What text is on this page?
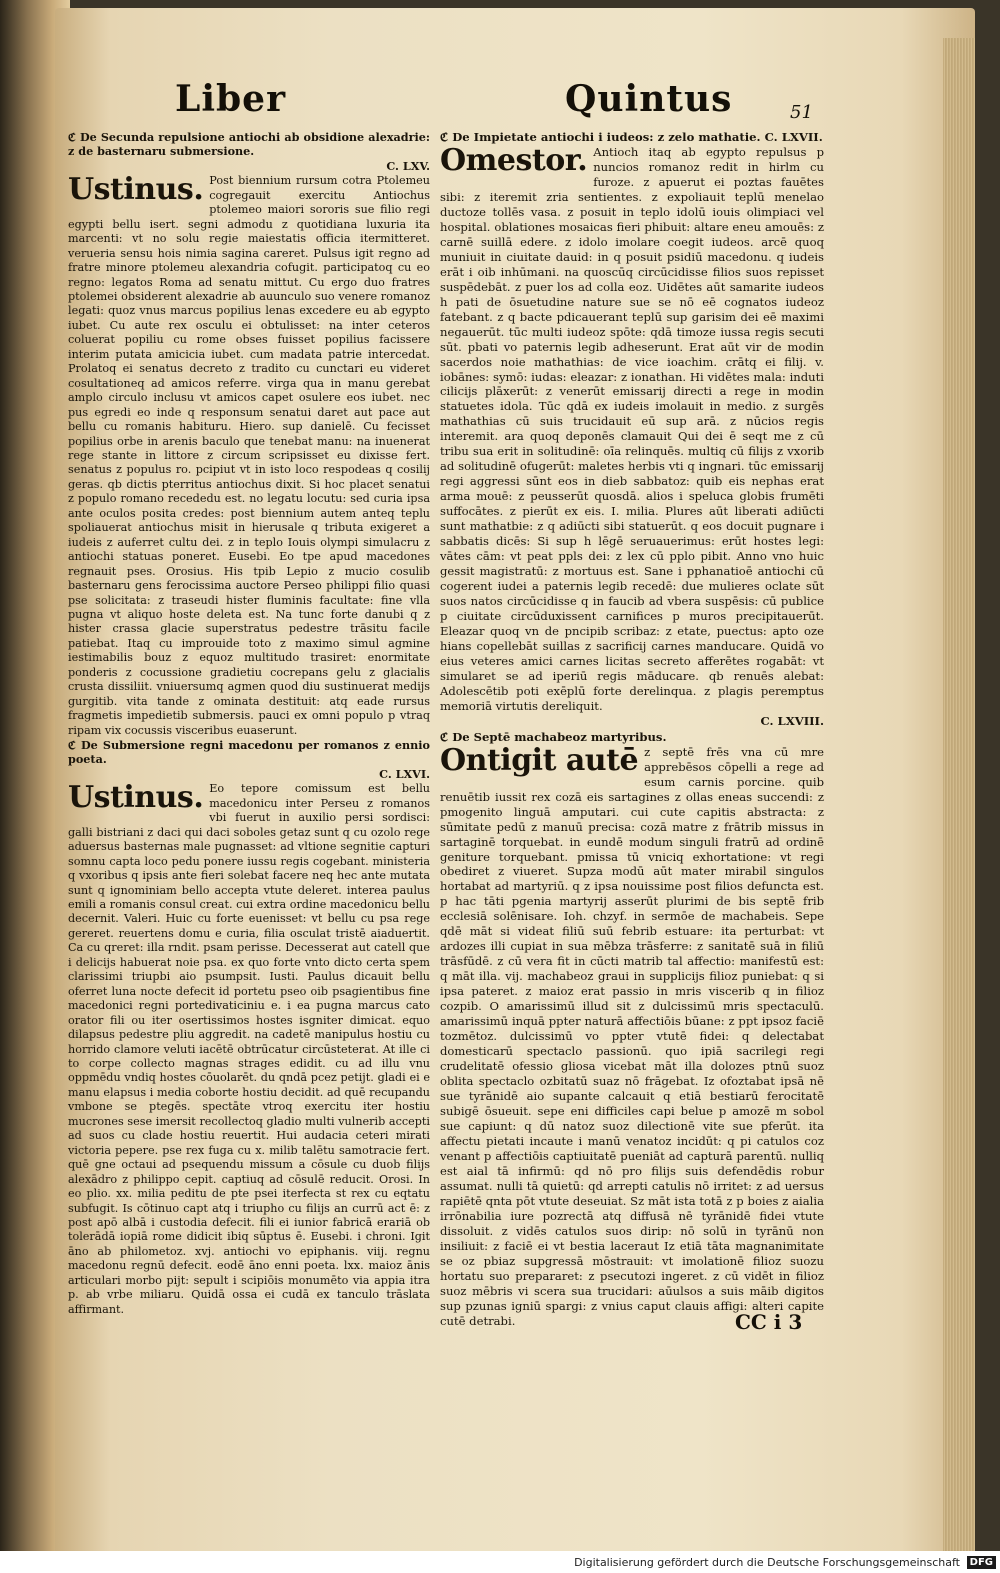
Liber	Quintus	51

ℭ De Secunda repulsione antiochi ab obsidione alexadrie: z de basternaru submersione.

C. LXV.

Ustinus. Post biennium rursum cotra Ptolemeu cogregauit exercitu Antiochus ptolemeo maiori sororis sue filio regi egypti bellu isert. segni admodu z quotidiana luxuria ita marcenti: vt no solu regie maiestatis officia itermitteret. verueria sensu hois nimia sagina careret. Pulsus igit regno ad fratre minore ptolemeu alexandria cofugit. participatoq cu eo regno: legatos Roma ad senatu mittut. Cu ergo duo fratres ptolemei obsiderent alexadrie ab auunculo suo venere romanoz legati: quoz vnus marcus popilius lenas excedere eu ab egypto iubet. Cu aute rex osculu ei obtulisset: na inter ceteros coluerat popiliu cu rome obses fuisset popilius facissere interim putata amicicia iubet. cum madata patrie intercedat. Prolatoq ei senatus decreto z tradito cu cunctari eu videret cosultationeq ad amicos referre. virga qua in manu gerebat amplo circulo inclusu vt amicos capet osulere eos iubet. nec pus egredi eo inde q responsum senatui daret aut pace aut bellu cu romanis habituru. Hiero. sup danielē. Cu fecisset popilius orbe in arenis baculo que tenebat manu: na inuenerat rege stante in littore z circum scripsisset eu dixisse fert. senatus z populus ro. pcipiut vt in isto loco respodeas q cosilij geras. qb dictis pterritus antiochus dixit. Si hoc placet senatui z populo romano recededu est. no legatu locutu: sed curia ipsa ante oculos posita credes: post biennium autem anteq teplu spoliauerat antiochus misit in hierusale q tributa exigeret a iudeis z auferret cultu dei. z in teplo Iouis olympi simulacru z antiochi statuas poneret. Eusebi. Eo tpe apud macedones regnauit pses. Orosius. His tpib Lepio z mucio cosulib basternaru gens ferocissima auctore Perseo philippi filio quasi pse solicitata: z traseudi hister fluminis facultate: fine vlla pugna vt aliquo hoste deleta est. Na tunc forte danubi q z hister crassa glacie superstratus pedestre trāsitu facile patiebat. Itaq cu improuide toto z maximo simul agmine iestimabilis bouz z equoz multitudo trasiret: enormitate ponderis z cocussione gradietiu cocrepans gelu z glacialis crusta dissiliit. vniuersumq agmen quod diu sustinuerat medijs gurgitib. vita tande z ominata destituit: atq eade rursus fragmetis impedietib submersis. pauci ex omni populo p vtraq ripam vix cocussis visceribus euaserunt.

ℭ De Submersione regni macedonu per romanos z ennio poeta.

C. LXVI.

Ustinus. Eo tepore comissum est bellu macedonicu inter Perseu z romanos vbi fuerut in auxilio persi sordisci: galli bistriani z daci qui daci soboles getaz sunt q cu ozolo rege aduersus basternas male pugnasset: ad vltione segnitie capturi somnu capta loco pedu ponere iussu regis cogebant. ministeria q vxoribus q ipsis ante fieri solebat facere neq hec ante mutata sunt q ignominiam bello accepta vtute deleret. interea paulus emili a romanis consul creat. cui extra ordine macedonicu bellu decernit. Valeri. Huic cu forte euenisset: vt bellu cu psa rege gereret. reuertens domu e curia, filia osculat tristē aiaduertit. Ca cu qreret: illa rndit. psam perisse. Decesserat aut catell que i delicijs habuerat noie psa. ex quo forte vnto dicto certa spem clarissimi triupbi aio psumpsit. Iusti. Paulus dicauit bellu oferret luna nocte defecit id portetu pseo oib psagientibus fine macedonici regni portedivaticiniu e. i ea pugna marcus cato orator fili ou iter osertissimos hostes isgniter dimicat. equo dilapsus pedestre pliu aggredit. na cadetē manipulus hostiu cu horrido clamore veluti iacētē obtrūcatur circūsteterat. At ille ci to corpe collecto magnas strages edidit. cu ad illu vnu oppmēdu vndiq hostes cōuolarēt. du qndā pcez petijt. gladi ei e manu elapsus i media coborte hostiu decidit. ad quē recupandu vmbone se ptegēs. spectāte vtroq exercitu iter hostiu mucrones sese imersit recollectoq gladio multi vulnerib accepti ad suos cu clade hostiu reuertit. Hui audacia ceteri mirati victoria pepere. pse rex fuga cu x. milib talētu samotracie fert. quē gne octaui ad psequendu missum a cōsule cu duob filijs alexādro z philippo cepit. captiuq ad cōsulē reducit. Orosi. In eo plio. xx. milia peditu de pte psei iterfecta st rex cu eqtatu subfugit. Is cōtinuo capt atq i triupho cu filijs an currū act ē: z post apō albā i custodia defecit. fili ei iunior fabricā erariā ob tolerādā iopiā rome didicit ibiq sūptus ē. Eusebi. i chroni. Igit āno ab philometoz. xvj. antiochi vo epiphanis. viij. regnu macedonu regnū defecit. eodē āno enni poeta. lxx. maioz ānis articulari morbo pijt: sepult i scipiōis monumēto via appia itra p. ab vrbe miliaru. Quidā ossa ei cudā ex tanculo trāslata affirmant.

ℭ De Impietate antiochi i iudeos: z zelo mathatie. C. LXVII.

Omestor. Antioch itaq ab egypto repulsus p nuncios romanoz redit in hirlm cu furoze. z apuerut ei poztas fauētes sibi: z iteremit zria sentientes. z expoliauit teplū menelao ductoze tollēs vasa. z posuit in teplo idolū iouis olimpiaci vel hospital. oblationes mosaicas fieri phibuit: altare eneu amouēs: z carnē suillā edere. z idolo imolare coegit iudeos. arcē quoq muniuit in ciuitate dauid: in q posuit psidiū macedonu. q iudeis erāt i oib inhūmani. na quoscūq circūcidisse filios suos repisset suspēdebāt. z puer los ad colla eoz. Uidētes aūt samarite iudeos h pati de ōsuetudine nature sue se nō eē cognatos iudeoz fatebant. z q bacte pdicauerant teplū sup garisim dei eē maximi negauerūt. tūc multi iudeoz spōte: qdā timoze iussa regis secuti sūt. pbati vo paternis legib adheserunt. Erat aūt vir de modin sacerdos noie mathathias: de vice ioachim. crātq ei filij. v. iobānes: symō: iudas: eleazar: z ionathan. Hi vidētes mala: induti cilicijs plāxerūt: z venerūt emissarij directi a rege in modin statuetes idola. Tūc qdā ex iudeis imolauit in medio. z surgēs mathathias cū suis trucidauit eū sup arā. z nūcios regis interemit. ara quoq deponēs clamauit Qui dei ē seqt me z cū tribu sua erit in solitudinē: oīa relinquēs. multiq cū filijs z vxorib ad solitudinē ofugerūt: maletes herbis vti q ingnari. tūc emissarij regi aggressi sūnt eos in dieb sabbatoz: quib eis nephas erat arma mouē: z peusserūt quosdā. alios i speluca globis frumēti suffocātes. z pierūt ex eis. I. milia. Plures aūt liberati adiūcti sunt mathatbie: z q adiūcti sibi statuerūt. q eos docuit pugnare i sabbatis dicēs: Si sup h lēgē seruauerimus: erūt hostes legi: vātes cām: vt peat ppls dei: z lex cū pplo pibit. Anno vno huic gessit magistratū: z mortuus est. Sane i pphanatioē antiochi cū cogerent iudei a paternis legib recedē: due mulieres oclate sūt suos natos circūcidisse q in faucib ad vbera suspēsis: cū publice p ciuitate circūduxissent carnifices p muros precipitauerūt. Eleazar quoq vn de pncipib scribaz: z etate, puectus: apto oze hians copellebāt suillas z sacrificij carnes manducare. Quidā vo eius veteres amici carnes licitas secreto afferētes rogabāt: vt simularet se ad iperiū regis māducare. qb renuēs alebat: Adolescētib poti exēplū forte derelinqua. z plagis peremptus memoriā virtutis dereliquit.

C. LXVIII.

ℭ De Septē machabeoz martyribus.

Ontigit autē z septē frēs vna cū mre apprebēsos cōpelli a rege ad esum carnis porcine. quib renuētib iussit rex cozā eis sartagines z ollas eneas succendi: z pmogenito linguā amputari. cui cute capitis abstracta: z sūmitate pedū z manuū precisa: cozā matre z frātrib missus in sartaginē torquebat. in eundē modum singuli fratrū ad ordinē geniture torquebant. pmissa tū vniciq exhortatione: vt regi obediret z viueret. Supza modū aūt mater mirabil singulos hortabat ad martyriū. q z ipsa nouissime post filios defuncta est. p hac tāti pgenia martyrij asserūt plurimi de bis septē frib ecclesiā solēnisare. Ioh. chzyf. in sermōe de machabeis. Sepe qdē māt si videat filiū suū febrib estuare: ita perturbat: vt ardozes illi cupiat in sua mēbza trāsferre: z sanitatē suā in filiū trāsfūdē. z cū vera fit in cūcti matrib tal affectio: manifestū est: q māt illa. vij. machabeoz graui in supplicijs filioz puniebat: q si ipsa pateret. z maioz erat passio in mris viscerib q in filioz cozpib. O amarissimū illud sit z dulcissimū mris spectaculū. amarissimū inquā ppter naturā affectiōis būane: z ppt ipsoz faciē tozmētoz. dulcissimū vo ppter vtutē fidei: q delectabat domesticarū spectaclo passionū. quo ipiā sacrilegi regi crudelitatē ofessio gliosa vicebat māt illa dolozes ptnū suoz oblita spectaclo ozbitatū suaz nō frāgebat. Iz ofoztabat ipsā nē sue tyrānidē aio supante calcauit q etiā bestiarū ferocitatē subigē ōsueuit. sepe eni difficiles capi belue p amozē m sobol sue capiunt: q dū natoz suoz dilectionē vite sue pferūt. ita affectu pietati incaute i manū venatoz incidūt: q pi catulos coz venant p affectiōis captiuitatē pueniāt ad capturā parentū. nulliq est aial tā infirmū: qd nō pro filijs suis defendēdis robur assumat. nulli tā quietū: qd arrepti catulis nō irritet: z ad uersus rapiētē qnta pōt vtute deseuiat. Sz māt ista totā z p boies z aialia irrōnabilia iure pozrectā atq diffusā nē tyrānidē fidei vtute dissoluit. z vidēs catulos suos dirip: nō solū in tyrānū non insiliuit: z faciē ei vt bestia laceraut Iz etiā tāta magnanimitate se oz pbiaz supgressā mōstrauit: vt imolationē filioz suozu hortatu suo prepararet: z psecutozi ingeret. z cū vidēt in filioz suoz mēbris vi scera sua trucidari: aūulsos a suis māib digitos sup pzunas igniū spargi: z vnius caput clauis affigi: alteri capite cutē detrabi.	CC i 3
Digitalisierung gefördert durch die Deutsche Forschungsgemeinschaft DFG
